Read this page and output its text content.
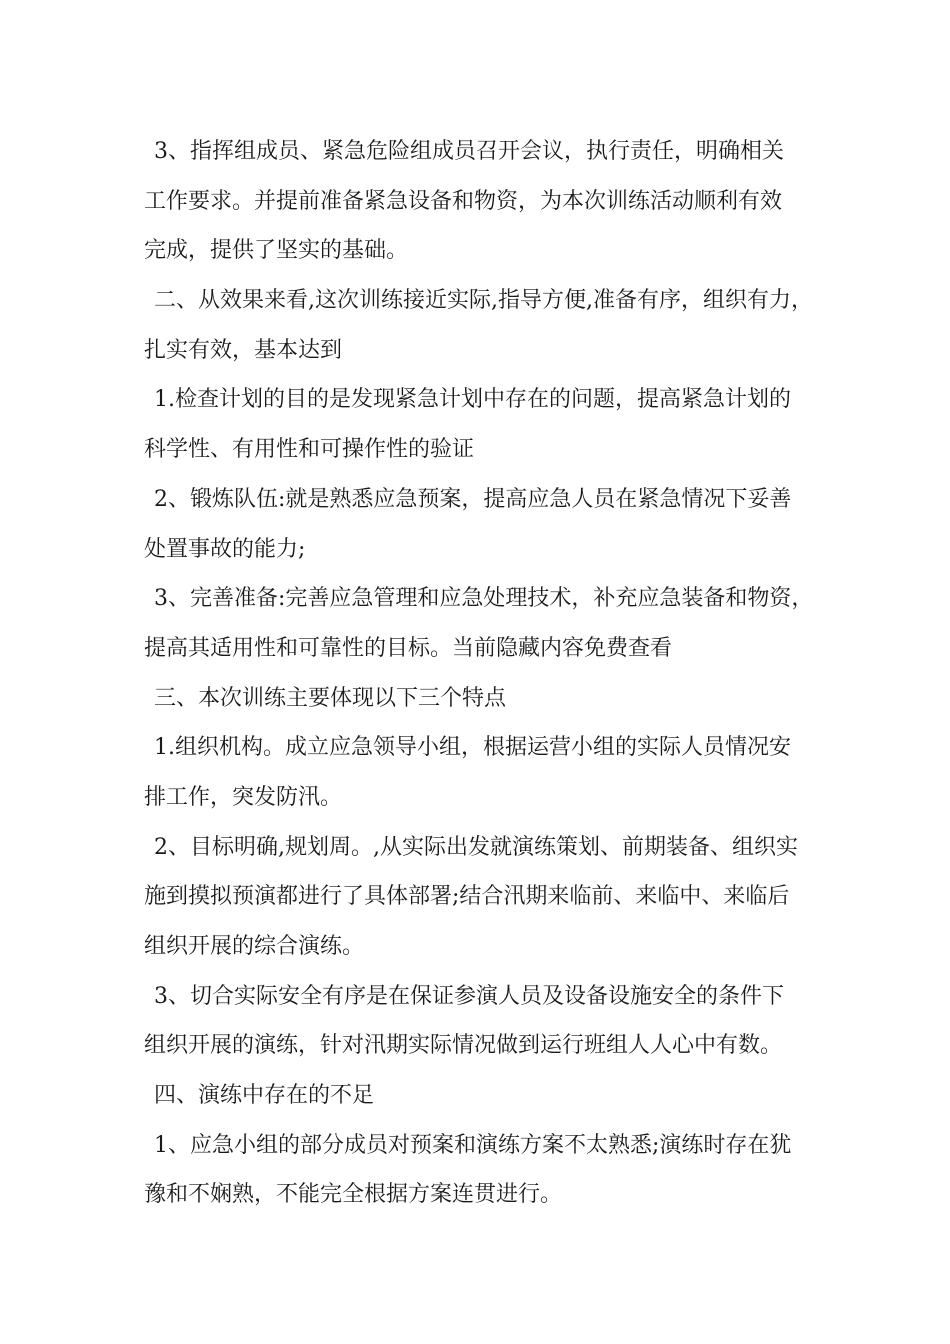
3、指挥组成员、紧急危险组成员召开会议，执行责任，明确相关
工作要求。并提前准备紧急设备和物资，为本次训练活动顺利有效
完成，提供了坚实的基础。
二、从效果来看,这次训练接近实际,指导方便,准备有序，组织有力，
扎实有效，基本达到
1.检查计划的目的是发现紧急计划中存在的问题，提高紧急计划的
科学性、有用性和可操作性的验证
2、锻炼队伍:就是熟悉应急预案，提高应急人员在紧急情况下妥善
处置事故的能力;
3、完善准备:完善应急管理和应急处理技术，补充应急装备和物资，
提高其适用性和可靠性的目标。当前隐藏内容免费查看
三、本次训练主要体现以下三个特点
1.组织机构。成立应急领导小组，根据运营小组的实际人员情况安
排工作，突发防汛。
2、目标明确,规划周。,从实际出发就演练策划、前期装备、组织实
施到摸拟预演都进行了具体部署;结合汛期来临前、来临中、来临后
组织开展的综合演练。
3、切合实际安全有序是在保证参演人员及设备设施安全的条件下
组织开展的演练，针对汛期实际情况做到运行班组人人心中有数。
四、演练中存在的不足
1、应急小组的部分成员对预案和演练方案不太熟悉;演练时存在犹
豫和不娴熟，不能完全根据方案连贯进行。
